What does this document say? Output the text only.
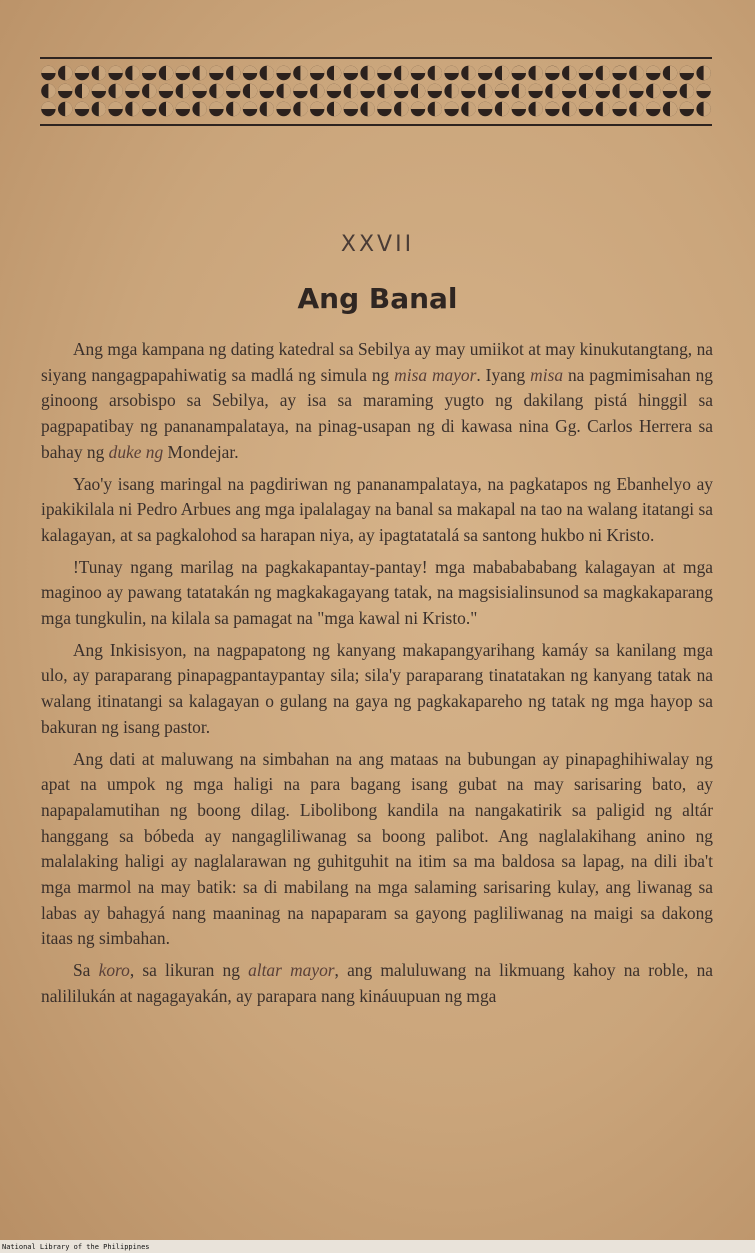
XXVII
Ang Banal

Ang mga kampana ng dating katedral sa Sebilya ay may umiikot at may kinukutangtang, na siyang nangagpapahiwatig sa madlá ng simula ng misa mayor. Iyang misa na pagmimisahan ng ginoong arsobispo sa Sebilya, ay isa sa maraming yugto ng dakilang pistá hinggil sa pagpapatibay ng pananampalataya, na pinag-usapan ng di kawasa nina Gg. Carlos Herrera sa bahay ng duke ng Mondejar.

Yao'y isang maringal na pagdiriwan ng pananampalataya, na pagkatapos ng Ebanhelyo ay ipakikilala ni Pedro Arbues ang mga ipalalagay na banal sa makapal na tao na walang itatangi sa kalagayan, at sa pagkalohod sa harapan niya, ay ipagtatatalá sa santong hukbo ni Kristo.

!Tunay ngang marilag na pagkakapantay-pantay! mga mababababang kalagayan at mga maginoo ay pawang tatatakán ng magkakagayang tatak, na magsisialinsunod sa magkakaparang mga tungkulin, na kilala sa pamagat na "mga kawal ni Kristo."

Ang Inkisisyon, na nagpapatong ng kanyang makapangyarihang kamáy sa kanilang mga ulo, ay paraparang pinapagpantaypantay sila; sila'y paraparang tinatatakan ng kanyang tatak na walang itinatangi sa kalagayan o gulang na gaya ng pagkakapareho ng tatak ng mga hayop sa bakuran ng isang pastor.

Ang dati at maluwang na simbahan na ang mataas na bubungan ay pinapaghihiwalay ng apat na umpok ng mga haligi na para bagang isang gubat na may sarisaring bato, ay napapalamutihan ng boong dilag. Libolibong kandila na nangakatirik sa paligid ng altár hanggang sa bóbeda ay nangagliliwanag sa boong palibot. Ang naglalakihang anino ng malalaking haligi ay naglalarawan ng guhitguhit na itim sa ma baldosa sa lapag, na dili iba't mga marmol na may batik: sa di mabilang na mga salaming sarisaring kulay, ang liwanag sa labas ay bahagyá nang maaninag na napaparam sa gayong pagliliwanag na maigi sa dakong itaas ng simbahan.

Sa koro, sa likuran ng altar mayor, ang maluluwang na likmuang kahoy na roble, na nalililukán at nagagayakán, ay parapara nang kináuupuan ng mga

National Library of the Philippines
